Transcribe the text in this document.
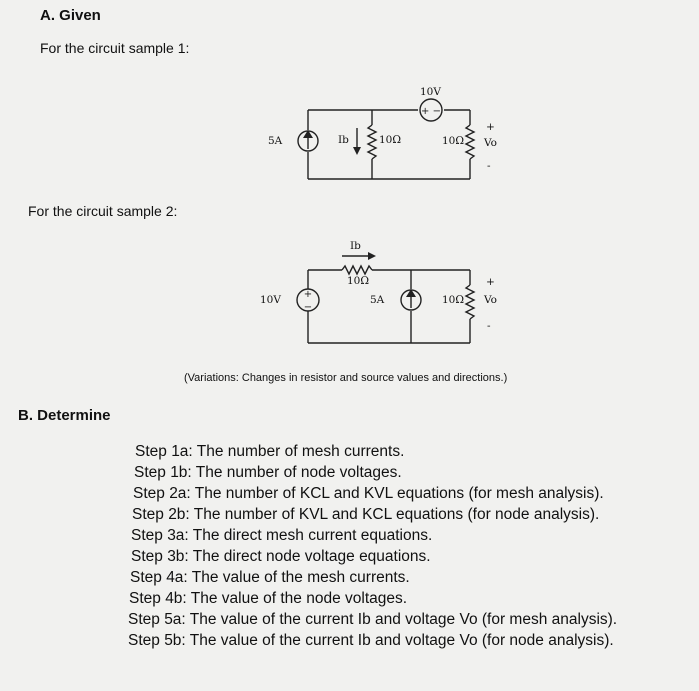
A. Given
For the circuit sample 1:
For the circuit sample 2:
+ −
10V
5A	Ib	10Ω	10Ω
+
Vo
-
+
−
Ib
10Ω
10V	5A	10Ω
+
Vo
-
(Variations: Changes in resistor and source values and directions.)
B. Determine
Step 1a: The number of mesh currents.
Step 1b: The number of node voltages.
Step 2a: The number of KCL and KVL equations (for mesh analysis).
Step 2b: The number of KVL and KCL equations (for node analysis).
Step 3a: The direct mesh current equations.
Step 3b: The direct node voltage equations.
Step 4a: The value of the mesh currents.
Step 4b: The value of the node voltages.
Step 5a: The value of the current Ib and voltage Vo (for mesh analysis).
Step 5b: The value of the current Ib and voltage Vo (for node analysis).
